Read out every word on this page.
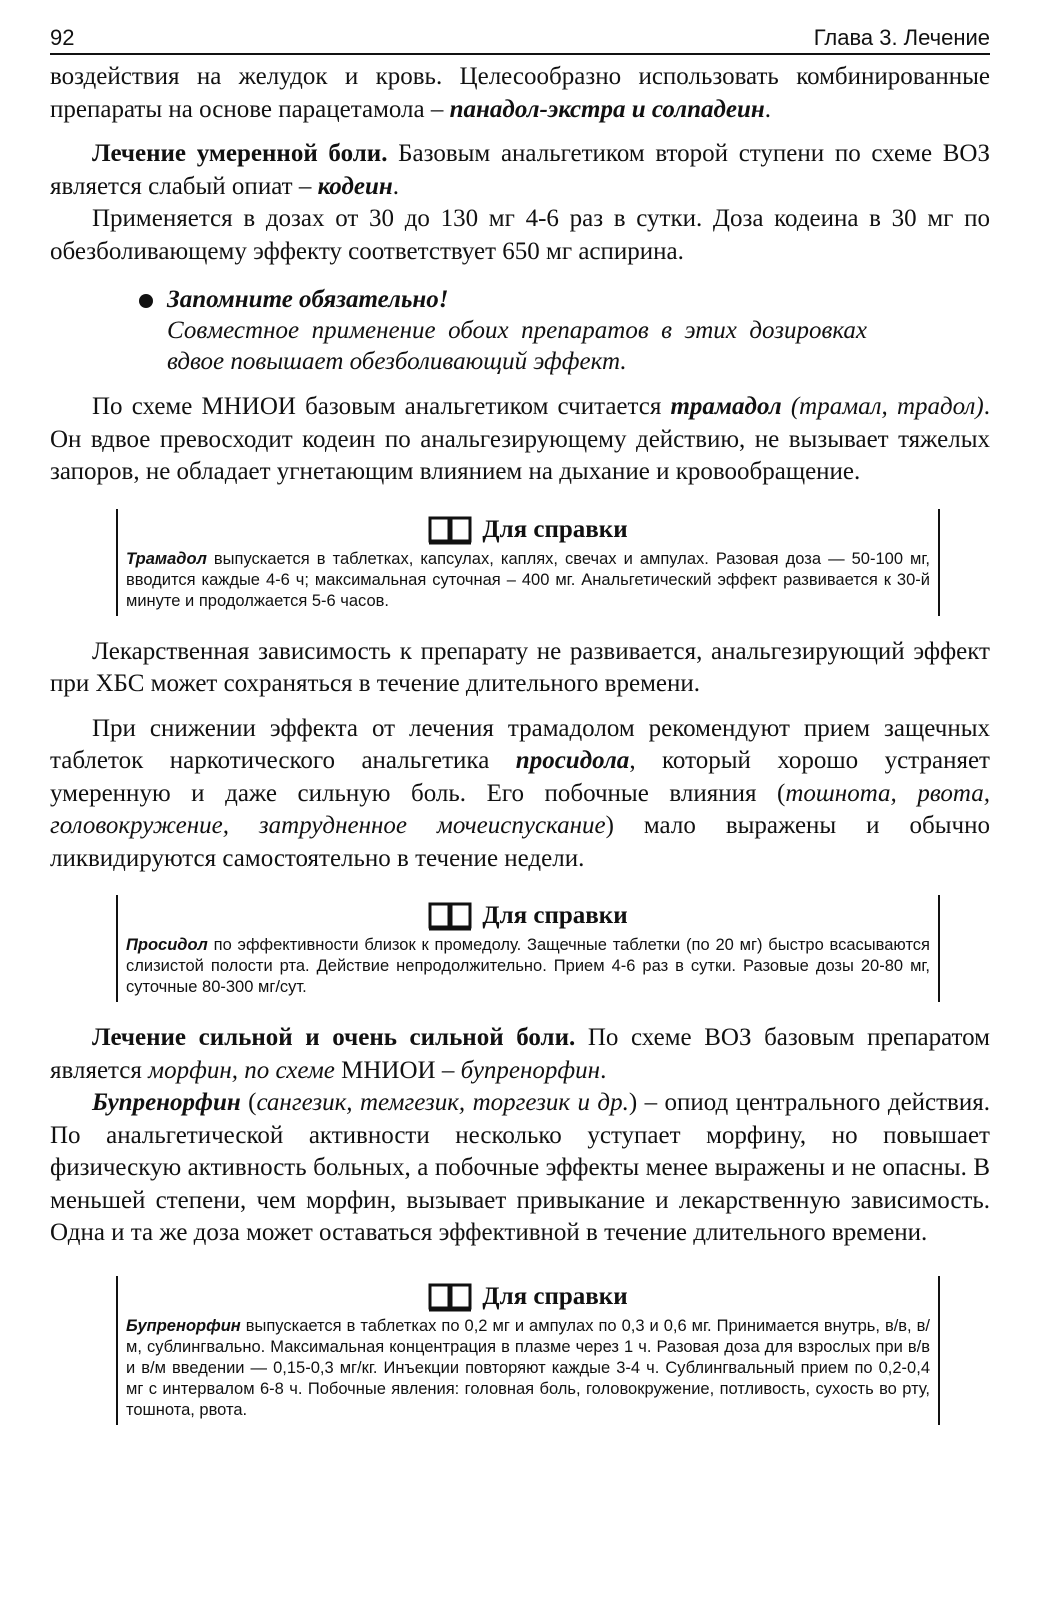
92	Глава 3. Лечение

воздействия на желудок и кровь. Целесообразно использовать комбинированные препараты на основе парацетамола – панадол-экстра и солпадеин.

Лечение умеренной боли. Базовым анальгетиком второй ступени по схеме ВОЗ является слабый опиат – кодеин.

Применяется в дозах от 30 до 130 мг 4-6 раз в сутки. Доза кодеина в 30 мг по обезболивающему эффекту соответствует 650 мг аспирина.

Запомните обязательно!
Совместное применение обоих препаратов в этих дозировках вдвое повышает обезболивающий эффект.

По схеме МНИОИ базовым анальгетиком считается трамадол (трамал, традол). Он вдвое превосходит кодеин по анальгезирующему действию, не вызывает тяжелых запоров, не обладает угнетающим влиянием на дыхание и кровообращение.

Для справки

Трамадол выпускается в таблетках, капсулах, каплях, свечах и ампулах. Разовая доза — 50-100 мг, вводится каждые 4-6 ч; максимальная суточная – 400 мг. Анальгетический эффект развивается к 30-й минуте и продолжается 5-6 часов.

Лекарственная зависимость к препарату не развивается, анальгезирующий эффект при ХБС может сохраняться в течение длительного времени.

При снижении эффекта от лечения трамадолом рекомендуют прием защечных таблеток наркотического анальгетика просидола, который хорошо устраняет умеренную и даже сильную боль. Его побочные влияния (тошнота, рвота, головокружение, затрудненное мочеиспускание) мало выражены и обычно ликвидируются самостоятельно в течение недели.

Для справки

Просидол по эффективности близок к промедолу. Защечные таблетки (по 20 мг) быстро всасываются слизистой полости рта. Действие непродолжительно. Прием 4-6 раз в сутки. Разовые дозы 20-80 мг, суточные 80-300 мг/сут.

Лечение сильной и очень сильной боли. По схеме ВОЗ базовым препаратом является морфин, по схеме МНИОИ – бупренорфин.

Бупренорфин (сангезик, темгезик, торгезик и др.) – опиод центрального действия. По анальгетической активности несколько уступает морфину, но повышает физическую активность больных, а побочные эффекты менее выражены и не опасны. В меньшей степени, чем морфин, вызывает привыкание и лекарственную зависимость. Одна и та же доза может оставаться эффективной в течение длительного времени.

Для справки

Бупренорфин выпускается в таблетках по 0,2 мг и ампулах по 0,3 и 0,6 мг. Принимается внутрь, в/в, в/м, сублингвально. Максимальная концентрация в плазме через 1 ч. Разовая доза для взрослых при в/в и в/м введении — 0,15-0,3 мг/кг. Инъекции повторяют каждые 3-4 ч. Сублингвальный прием по 0,2-0,4 мг с интервалом 6-8 ч. Побочные явления: головная боль, головокружение, потливость, сухость во рту, тошнота, рвота.
